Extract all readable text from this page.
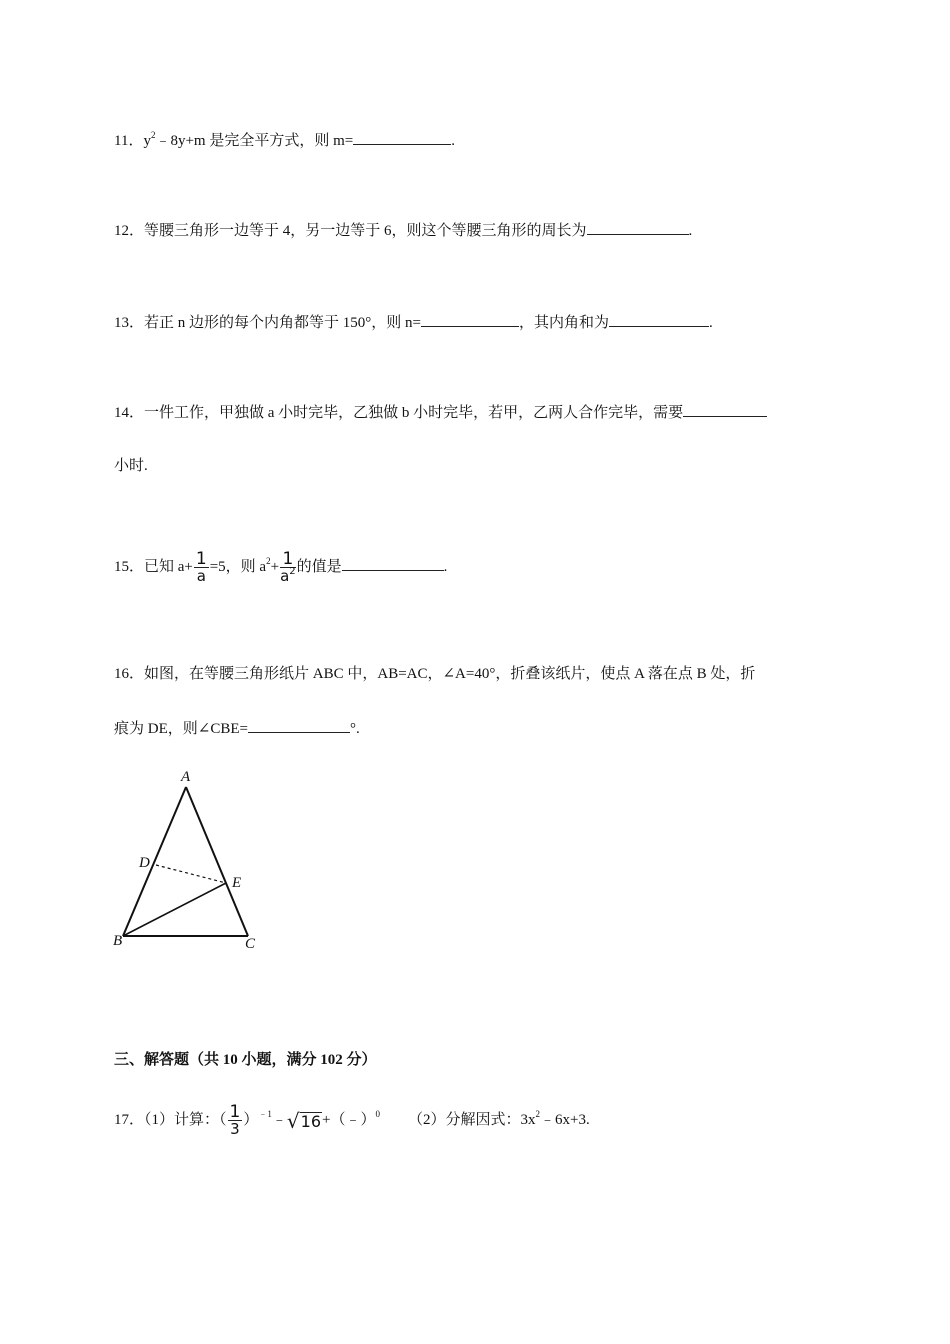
11．$y^2﹣8y+m$ 是完全平方式，则 m=	.
12．等腰三角形一边等于 4，另一边等于 6，则这个等腰三角形的周长为	.
13．若正 n 边形的每个内角都等于 150°，则 n=	，其内角和为	.
14．一件工作，甲独做 a 小时完毕，乙独做 b 小时完毕，若甲，乙两人合作完毕，需要
小时.
15．已知 $a+ \frac{1}{a} =5$，则 $a^2+ \frac{1}{a^2}$ 的值是	.
16．如图，在等腰三角形纸片 ABC 中，AB=AC，∠A=40°，折叠该纸片，使点 A 落在点 B 处，折
痕为 DE，则∠CBE=	°.
A
B	C
D
E
三、解答题（共 10 小题，满分 102 分）
17．（1）计算：（ $\frac{1}{3}$ ）$^{﹣1}$﹣ √ 16 +（﹣）$^0$ （2）分解因式：$3x^2﹣6x+3$.
